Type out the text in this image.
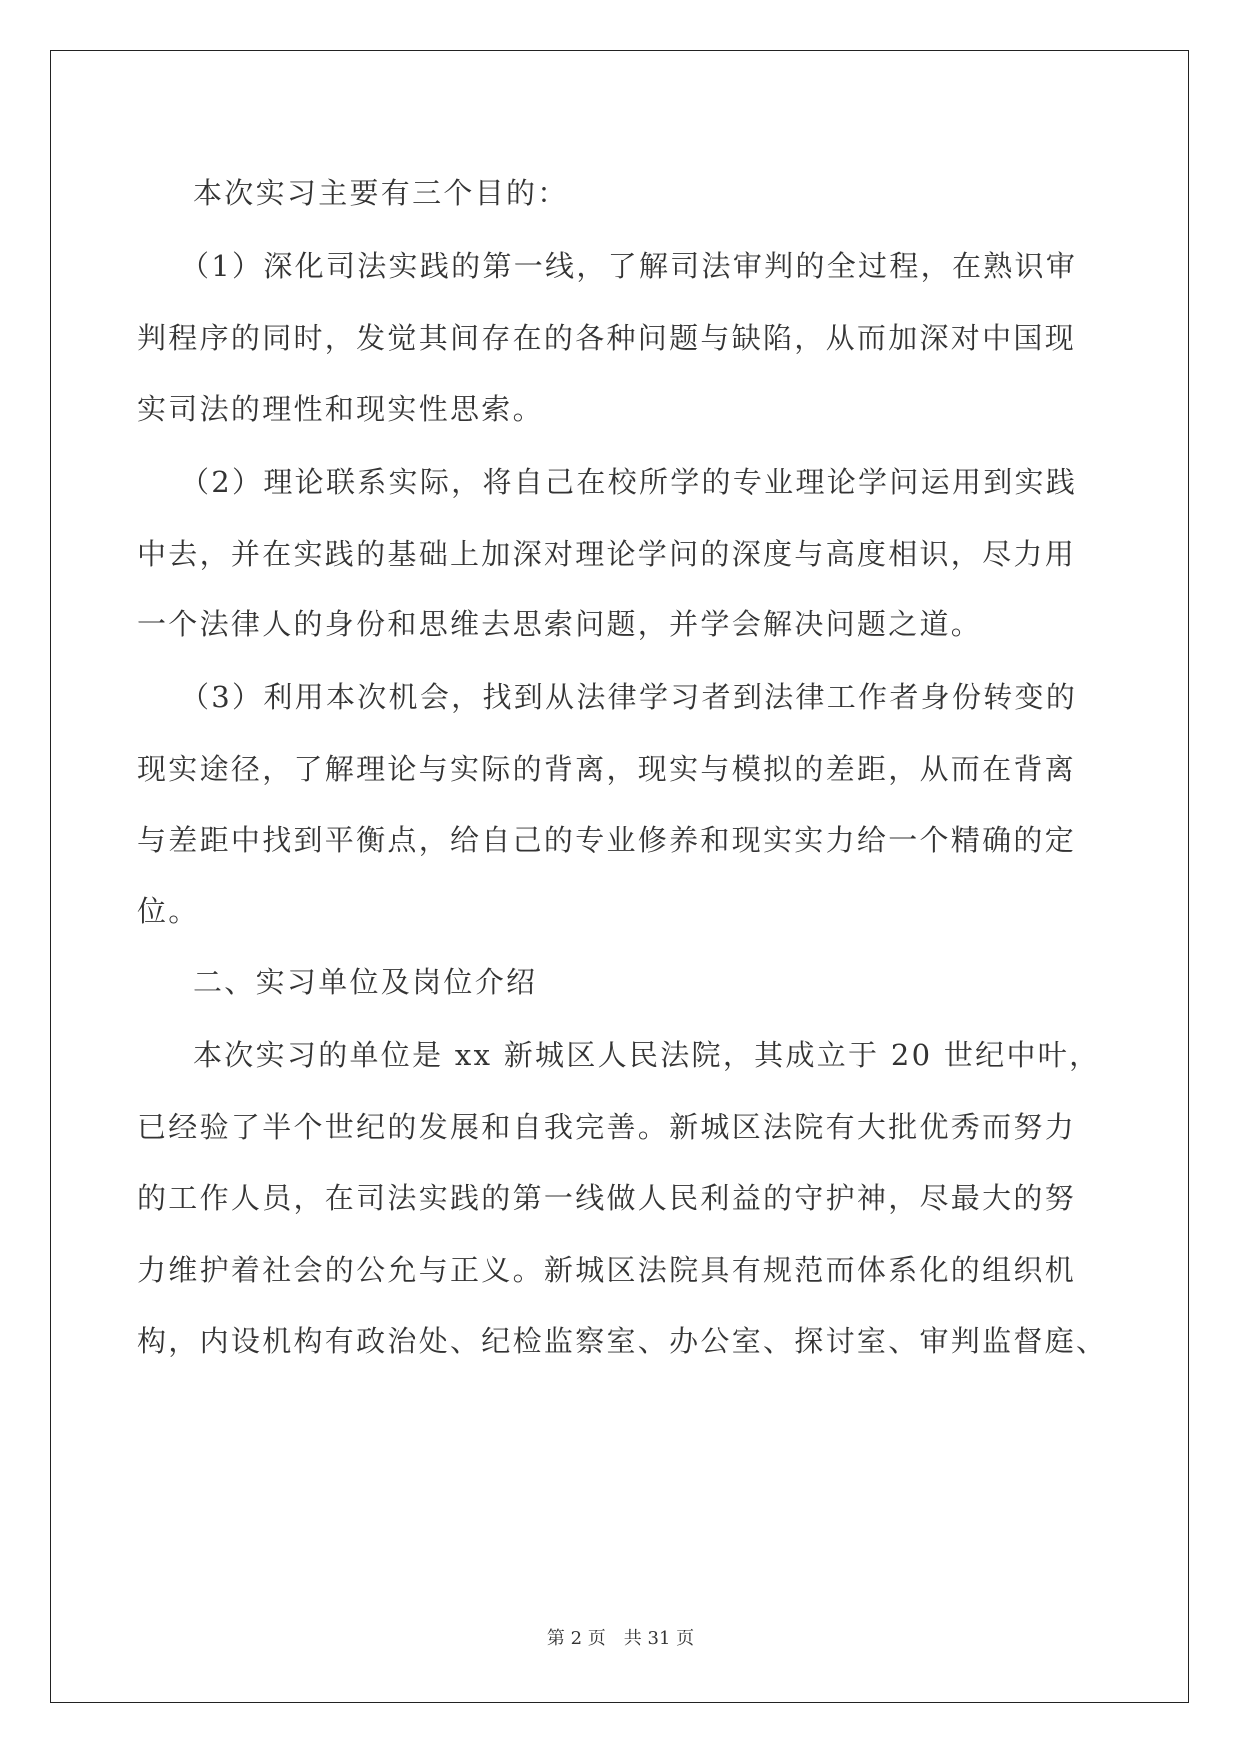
本次实习主要有三个目的：

（1）深化司法实践的第一线，了解司法审判的全过程，在熟识审

判程序的同时，发觉其间存在的各种问题与缺陷，从而加深对中国现

实司法的理性和现实性思索。

（2）理论联系实际，将自己在校所学的专业理论学问运用到实践

中去，并在实践的基础上加深对理论学问的深度与高度相识，尽力用

一个法律人的身份和思维去思索问题，并学会解决问题之道。

（3）利用本次机会，找到从法律学习者到法律工作者身份转变的

现实途径，了解理论与实际的背离，现实与模拟的差距，从而在背离

与差距中找到平衡点，给自己的专业修养和现实实力给一个精确的定

位。

二、实习单位及岗位介绍

本次实习的单位是 xx 新城区人民法院，其成立于 20 世纪中叶，

已经验了半个世纪的发展和自我完善。新城区法院有大批优秀而努力

的工作人员，在司法实践的第一线做人民利益的守护神，尽最大的努

力维护着社会的公允与正义。新城区法院具有规范而体系化的组织机

构，内设机构有政治处、纪检监察室、办公室、探讨室、审判监督庭、

第 2 页　共 31 页
